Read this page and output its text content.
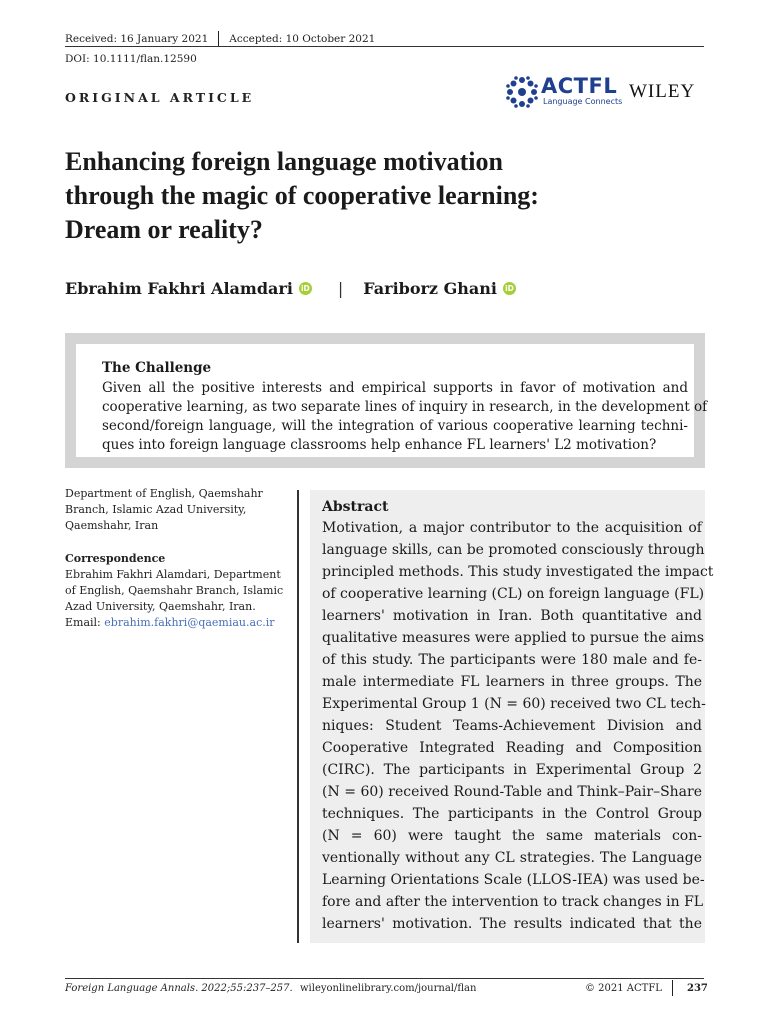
Received: 16 January 2021 Accepted: 10 October 2021
DOI: 10.1111/flan.12590
ORIGINAL ARTICLE	ACTFL
Language Connects WILEY
Enhancing foreign language motivation
through the magic of cooperative learning:
Dream or reality?
Ebrahim Fakhri Alamdari iD | Fariborz Ghani iD
The Challenge
Given all the positive interests and empirical supports in favor of motivation and
cooperative learning, as two separate lines of inquiry in research, in the development of
second/foreign language, will the integration of various cooperative learning techni-
ques into foreign language classrooms help enhance FL learners' L2 motivation?
Department of English, Qaemshahr
Branch, Islamic Azad University,
Qaemshahr, Iran
Correspondence
Ebrahim Fakhri Alamdari, Department
of English, Qaemshahr Branch, Islamic
Azad University, Qaemshahr, Iran.
Email: ebrahim.fakhri@qaemiau.ac.ir
Abstract
Motivation, a major contributor to the acquisition of
language skills, can be promoted consciously through
principled methods. This study investigated the impact
of cooperative learning (CL) on foreign language (FL)
learners' motivation in Iran. Both quantitative and
qualitative measures were applied to pursue the aims
of this study. The participants were 180 male and fe-
male intermediate FL learners in three groups. The
Experimental Group 1 (N = 60) received two CL tech-
niques: Student Teams-Achievement Division and
Cooperative Integrated Reading and Composition
(CIRC). The participants in Experimental Group 2
(N = 60) received Round-Table and Think–Pair–Share
techniques. The participants in the Control Group
(N = 60) were taught the same materials con-
ventionally without any CL strategies. The Language
Learning Orientations Scale (LLOS-IEA) was used be-
fore and after the intervention to track changes in FL
learners' motivation. The results indicated that the
Foreign Language Annals. 2022;55:237–257. wileyonlinelibrary.com/journal/flan	© 2021 ACTFL	237
